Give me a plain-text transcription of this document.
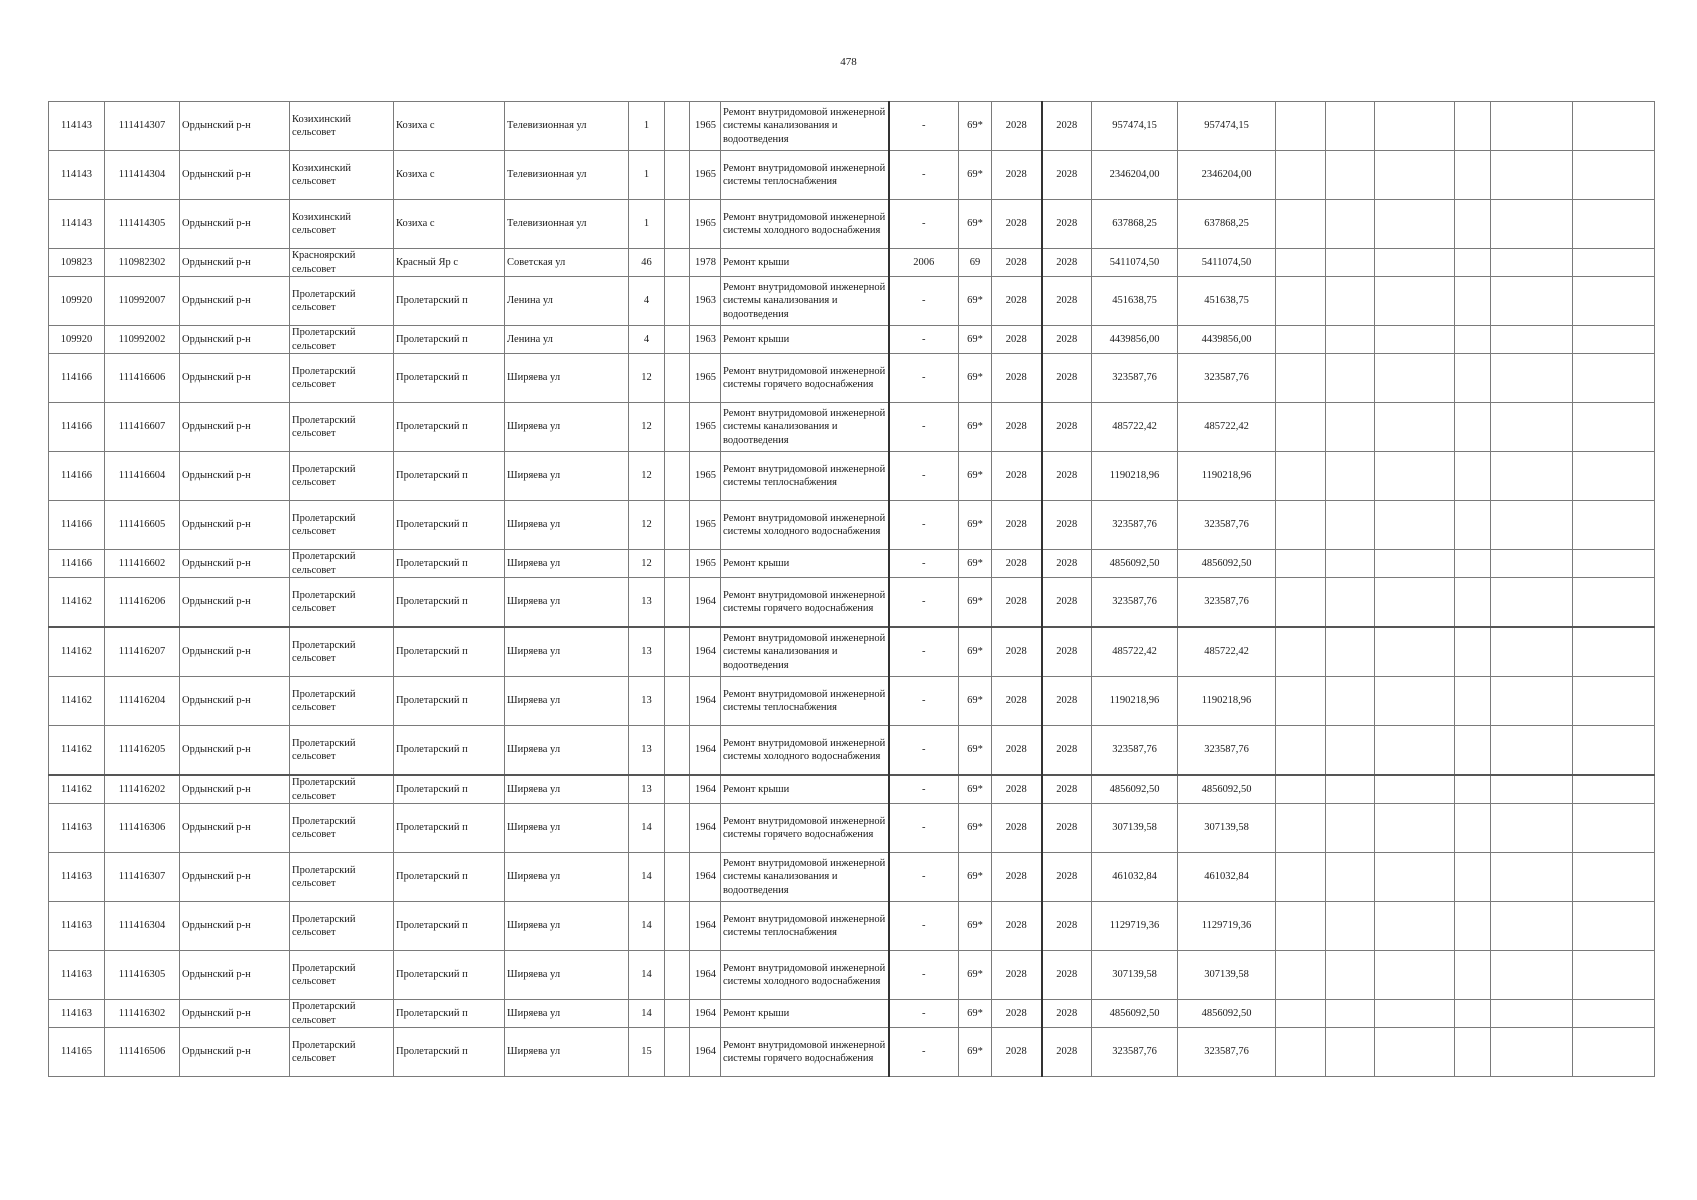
478
114143	111414307	Ордынский р-н	Козихинский сельсовет	Козиха с	Телевизионная ул	1		1965	Ремонт внутридомовой инженерной системы канализования и водоотведения	-	69*	2028	2028	957474,15	957474,15						
114143	111414304	Ордынский р-н	Козихинский сельсовет	Козиха с	Телевизионная ул	1		1965	Ремонт внутридомовой инженерной системы теплоснабжения	-	69*	2028	2028	2346204,00	2346204,00						
114143	111414305	Ордынский р-н	Козихинский сельсовет	Козиха с	Телевизионная ул	1		1965	Ремонт внутридомовой инженерной системы холодного водоснабжения	-	69*	2028	2028	637868,25	637868,25						
109823	110982302	Ордынский р-н	Красноярский сельсовет	Красный Яр с	Советская ул	46		1978	Ремонт крыши	2006	69	2028	2028	5411074,50	5411074,50						
109920	110992007	Ордынский р-н	Пролетарский сельсовет	Пролетарский п	Ленина ул	4		1963	Ремонт внутридомовой инженерной системы канализования и водоотведения	-	69*	2028	2028	451638,75	451638,75						
109920	110992002	Ордынский р-н	Пролетарский сельсовет	Пролетарский п	Ленина ул	4		1963	Ремонт крыши	-	69*	2028	2028	4439856,00	4439856,00						
114166	111416606	Ордынский р-н	Пролетарский сельсовет	Пролетарский п	Ширяева ул	12		1965	Ремонт внутридомовой инженерной системы горячего водоснабжения	-	69*	2028	2028	323587,76	323587,76						
114166	111416607	Ордынский р-н	Пролетарский сельсовет	Пролетарский п	Ширяева ул	12		1965	Ремонт внутридомовой инженерной системы канализования и водоотведения	-	69*	2028	2028	485722,42	485722,42						
114166	111416604	Ордынский р-н	Пролетарский сельсовет	Пролетарский п	Ширяева ул	12		1965	Ремонт внутридомовой инженерной системы теплоснабжения	-	69*	2028	2028	1190218,96	1190218,96						
114166	111416605	Ордынский р-н	Пролетарский сельсовет	Пролетарский п	Ширяева ул	12		1965	Ремонт внутридомовой инженерной системы холодного водоснабжения	-	69*	2028	2028	323587,76	323587,76						
114166	111416602	Ордынский р-н	Пролетарский сельсовет	Пролетарский п	Ширяева ул	12		1965	Ремонт крыши	-	69*	2028	2028	4856092,50	4856092,50						
114162	111416206	Ордынский р-н	Пролетарский сельсовет	Пролетарский п	Ширяева ул	13		1964	Ремонт внутридомовой инженерной системы горячего водоснабжения	-	69*	2028	2028	323587,76	323587,76						
114162	111416207	Ордынский р-н	Пролетарский сельсовет	Пролетарский п	Ширяева ул	13		1964	Ремонт внутридомовой инженерной системы канализования и водоотведения	-	69*	2028	2028	485722,42	485722,42						
114162	111416204	Ордынский р-н	Пролетарский сельсовет	Пролетарский п	Ширяева ул	13		1964	Ремонт внутридомовой инженерной системы теплоснабжения	-	69*	2028	2028	1190218,96	1190218,96						
114162	111416205	Ордынский р-н	Пролетарский сельсовет	Пролетарский п	Ширяева ул	13		1964	Ремонт внутридомовой инженерной системы холодного водоснабжения	-	69*	2028	2028	323587,76	323587,76						
114162	111416202	Ордынский р-н	Пролетарский сельсовет	Пролетарский п	Ширяева ул	13		1964	Ремонт крыши	-	69*	2028	2028	4856092,50	4856092,50						
114163	111416306	Ордынский р-н	Пролетарский сельсовет	Пролетарский п	Ширяева ул	14		1964	Ремонт внутридомовой инженерной системы горячего водоснабжения	-	69*	2028	2028	307139,58	307139,58						
114163	111416307	Ордынский р-н	Пролетарский сельсовет	Пролетарский п	Ширяева ул	14		1964	Ремонт внутридомовой инженерной системы канализования и водоотведения	-	69*	2028	2028	461032,84	461032,84						
114163	111416304	Ордынский р-н	Пролетарский сельсовет	Пролетарский п	Ширяева ул	14		1964	Ремонт внутридомовой инженерной системы теплоснабжения	-	69*	2028	2028	1129719,36	1129719,36						
114163	111416305	Ордынский р-н	Пролетарский сельсовет	Пролетарский п	Ширяева ул	14		1964	Ремонт внутридомовой инженерной системы холодного водоснабжения	-	69*	2028	2028	307139,58	307139,58						
114163	111416302	Ордынский р-н	Пролетарский сельсовет	Пролетарский п	Ширяева ул	14		1964	Ремонт крыши	-	69*	2028	2028	4856092,50	4856092,50						
114165	111416506	Ордынский р-н	Пролетарский сельсовет	Пролетарский п	Ширяева ул	15		1964	Ремонт внутридомовой инженерной системы горячего водоснабжения	-	69*	2028	2028	323587,76	323587,76						
